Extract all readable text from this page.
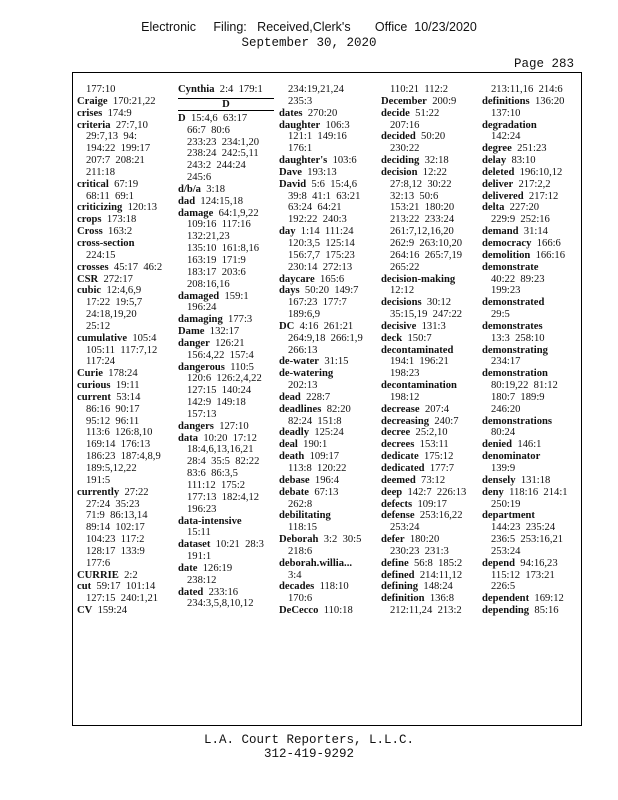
Electronic     Filing:   Received,Clerk's       Office  10/23/2020
September 30, 2020
Page 283
177:10
Craige  170:21,22
crises  174:9
criteria  27:7,10
29:7,13  94:
194:22  199:17
207:7  208:21
211:18
critical  67:19
68:11  69:1
criticizing  120:13
crops  173:18
Cross  163:2
cross-section
224:15
crosses  45:17  46:2
CSR  272:17
cubic  12:4,6,9
17:22  19:5,7
24:18,19,20
25:12
cumulative  105:4
105:11  117:7,12
117:24
Curie  178:24
curious  19:11
current  53:14
86:16  90:17
95:12  96:11
113:6  126:8,10
169:14  176:13
186:23  187:4,8,9
189:5,12,22
191:5
currently  27:22
27:24  35:23
71:9  86:13,14
89:14  102:17
104:23  117:2
128:17  133:9
177:6
CURRIE  2:2
cut  59:17  101:14
127:15  240:1,21
CV  159:24
Cynthia  2:4  179:1
D
D  15:4,6  63:17
66:7  80:6
233:23  234:1,20
238:24  242:5,11
243:2  244:24
245:6
d/b/a  3:18
dad  124:15,18
damage  64:1,9,22
109:16  117:16
132:21,23
135:10  161:8,16
163:19  171:9
183:17  203:6
208:16,16
damaged  159:1
196:24
damaging  177:3
Dame  132:17
danger  126:21
156:4,22  157:4
dangerous  110:5
120:6  126:2,4,22
127:15  140:24
142:9  149:18
157:13
dangers  127:10
data  10:20  17:12
18:4,6,13,16,21
28:4  35:5  82:22
83:6  86:3,5
111:12  175:2
177:13  182:4,12
196:23
data-intensive
15:11
dataset  10:21  28:3
191:1
date  126:19
238:12
dated  233:16
234:3,5,8,10,12
234:19,21,24
235:3
dates  270:20
daughter  106:3
121:1  149:16
176:1
daughter's  103:6
Dave  193:13
David  5:6  15:4,6
39:8  41:1  63:21
63:24  64:21
192:22  240:3
day  1:14  111:24
120:3,5  125:14
156:7,7  175:23
230:14  272:13
daycare  165:6
days  50:20  149:7
167:23  177:7
189:6,9
DC  4:16  261:21
264:9,18  266:1,9
266:13
de-water  31:15
de-watering
202:13
dead  228:7
deadlines  82:20
82:24  151:8
deadly  125:24
deal  190:1
death  109:17
113:8  120:22
debase  196:4
debate  67:13
262:8
debilitating
118:15
Deborah  3:2  30:5
218:6
deborah.willia...
3:4
decades  118:10
170:6
DeCecco  110:18
110:21  112:2
December  200:9
decide  51:22
207:16
decided  50:20
230:22
deciding  32:18
decision  12:22
27:8,12  30:22
32:13  50:6
153:21  180:20
213:22  233:24
261:7,12,16,20
262:9  263:10,20
264:16  265:7,19
265:22
decision-making
12:12
decisions  30:12
35:15,19  247:22
decisive  131:3
deck  150:7
decontaminated
194:1  196:21
198:23
decontamination
198:12
decrease  207:4
decreasing  240:7
decree  25:2,10
decrees  153:11
dedicate  175:12
dedicated  177:7
deemed  73:12
deep  142:7  226:13
defects  109:17
defense  253:16,22
253:24
defer  180:20
230:23  231:3
define  56:8  185:2
defined  214:11,12
defining  148:24
definition  136:8
212:11,24  213:2
213:11,16  214:6
definitions  136:20
137:10
degradation
142:24
degree  251:23
delay  83:10
deleted  196:10,12
deliver  217:2,2
delivered  217:12
delta  227:20
229:9  252:16
demand  31:14
democracy  166:6
demolition  166:16
demonstrate
40:22  89:23
199:23
demonstrated
29:5
demonstrates
13:3  258:10
demonstrating
234:17
demonstration
80:19,22  81:12
180:7  189:9
246:20
demonstrations
80:24
denied  146:1
denominator
139:9
densely  131:18
deny  118:16  214:1
250:19
department
144:23  235:24
236:5  253:16,21
253:24
depend  94:16,23
115:12  173:21
226:5
dependent  169:12
depending  85:16
L.A. Court Reporters, L.L.C.
312-419-9292
